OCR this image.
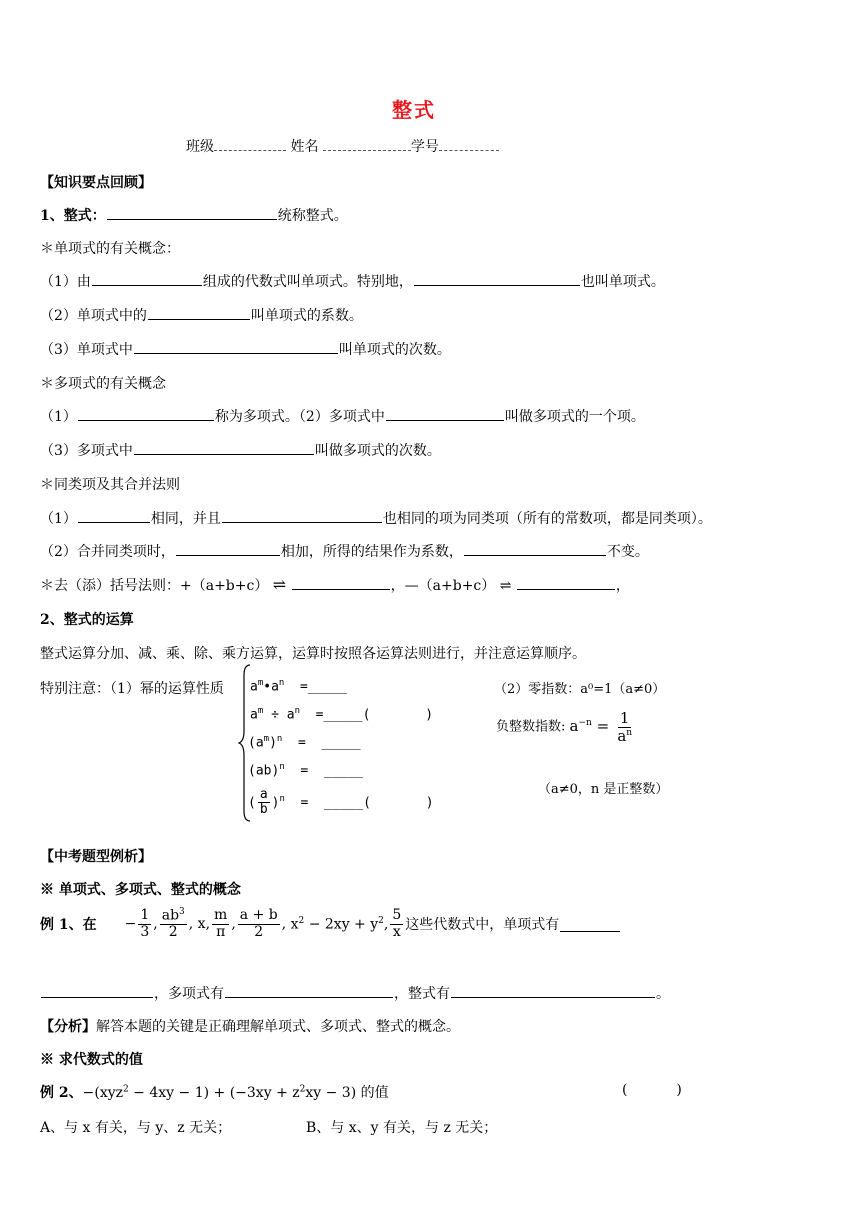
整式
班级	姓名	学号
【知识要点回顾】
1、整式：	统称整式。
＊单项式的有关概念：
（1）由	组成的代数式叫单项式。特别地，	也叫单项式。
（2）单项式中的	叫单项式的系数。
（3）单项式中	叫单项式的次数。
＊多项式的有关概念
（1）	称为多项式。（2）多项式中	叫做多项式的一个项。
（3）多项式中	叫做多项式的次数。
＊同类项及其合并法则
（1）	相同，并且	也相同的项为同类项（所有的常数项，都是同类项）。
（2）合并同类项时，	相加，所得的结果作为系数，	不变。
＊去（添）括号法则：+（a+b+c） ⇌	，—（a+b+c） ⇌	，
2、整式的运算
整式运算分加、减、乘、除、乘方运算，运算时按照各运算法则进行，并注意运算顺序。
特别注意：（1）幂的运算性质 $a^m•a^n$  =_____
$a^m \div a^n$  =_____(       )
$(a^m)^n$  =  _____
(ab)$^n$  =  _____
( $\frac{a}{b} )^n$  =  _____(       )
（2）零指数：a⁰=1（a≠0）
负整数指数: $a^{-n} = \frac{1}{a^n}$
（a≠0，n 是正整数）
【中考题型例析】
※ 单项式、多项式、整式的概念
例 1、在 − $\frac{1}{3}$ , $\frac{ab^3}{2}$ , x, $\frac{m}{\pi}$ , $\frac{a + b}{2}$ , $x^2 - 2xy + y^2$, $\frac{5}{x}$ 这些代数式中，单项式有
，多项式有	，整式有	。
【分析】解答本题的关键是正确理解单项式、多项式、整式的概念。
※ 求代数式的值
例 2、$-(xyz^2 - 4xy - 1) + (-3xy + z^2xy - 3)$ 的值	(           )
A、与 x 有关，与 y、z 无关；	B、与 x、y 有关，与 z 无关；
